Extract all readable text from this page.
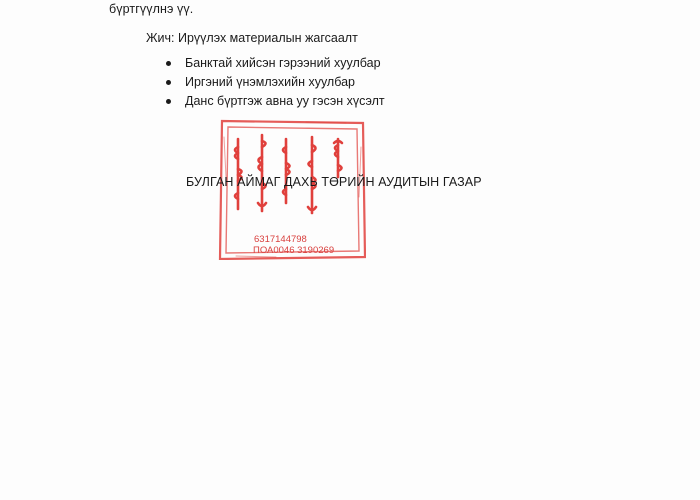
бүртгүүлнэ үү.
Жич: Ирүүлэх материалын жагсаалт
Банктай хийсэн гэрээний хуулбар
Иргэний үнэмлэхийн хуулбар
Данс бүртгэж авна уу гэсэн хүсэлт
БУЛГАН АЙМАГ ДАХЬ ТӨРИЙН АУДИТЫН ГАЗАР
6317144798
ПОА0046 3190269
